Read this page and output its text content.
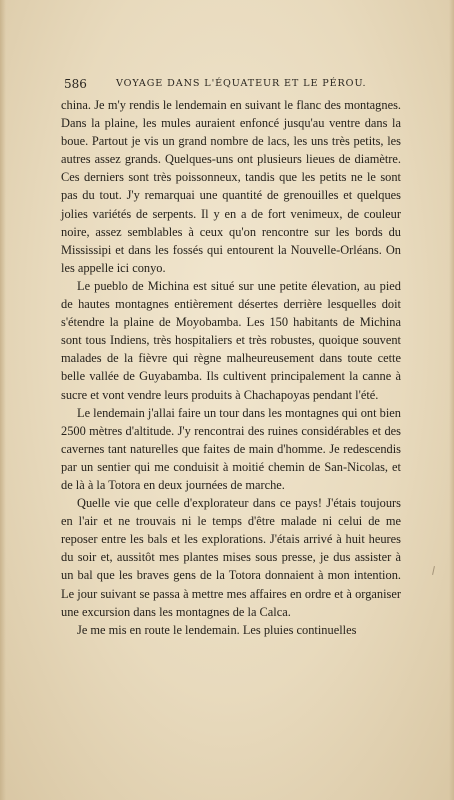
586	VOYAGE DANS L'ÉQUATEUR ET LE PÉROU.

china. Je m'y rendis le lendemain en suivant le flanc des montagnes. Dans la plaine, les mules auraient enfoncé jusqu'au ventre dans la boue. Partout je vis un grand nombre de lacs, les uns très petits, les autres assez grands. Quelques-uns ont plusieurs lieues de diamètre. Ces derniers sont très poissonneux, tandis que les petits ne le sont pas du tout. J'y remarquai une quantité de grenouilles et quelques jolies variétés de serpents. Il y en a de fort venimeux, de couleur noire, assez semblables à ceux qu'on rencontre sur les bords du Mississipi et dans les fossés qui entourent la Nouvelle-Orléans. On les appelle ici conyo.

Le pueblo de Michina est situé sur une petite élevation, au pied de hautes montagnes entièrement désertes derrière lesquelles doit s'étendre la plaine de Moyobamba. Les 150 habitants de Michina sont tous Indiens, très hospitaliers et très robustes, quoique souvent malades de la fièvre qui règne malheureusement dans toute cette belle vallée de Guyabamba. Ils cultivent principalement la canne à sucre et vont vendre leurs produits à Chachapoyas pendant l'été.

Le lendemain j'allai faire un tour dans les montagnes qui ont bien 2500 mètres d'altitude. J'y rencontrai des ruines considérables et des cavernes tant naturelles que faites de main d'homme. Je redescendis par un sentier qui me conduisit à moitié chemin de San-Nicolas, et de là à la Totora en deux journées de marche.

Quelle vie que celle d'explorateur dans ce pays! J'étais toujours en l'air et ne trouvais ni le temps d'être malade ni celui de me reposer entre les bals et les explorations. J'étais arrivé à huit heures du soir et, aussitôt mes plantes mises sous presse, je dus assister à un bal que les braves gens de la Totora donnaient à mon intention. Le jour suivant se passa à mettre mes affaires en ordre et à organiser une excursion dans les montagnes de la Calca.

Je me mis en route le lendemain. Les pluies continuelles
